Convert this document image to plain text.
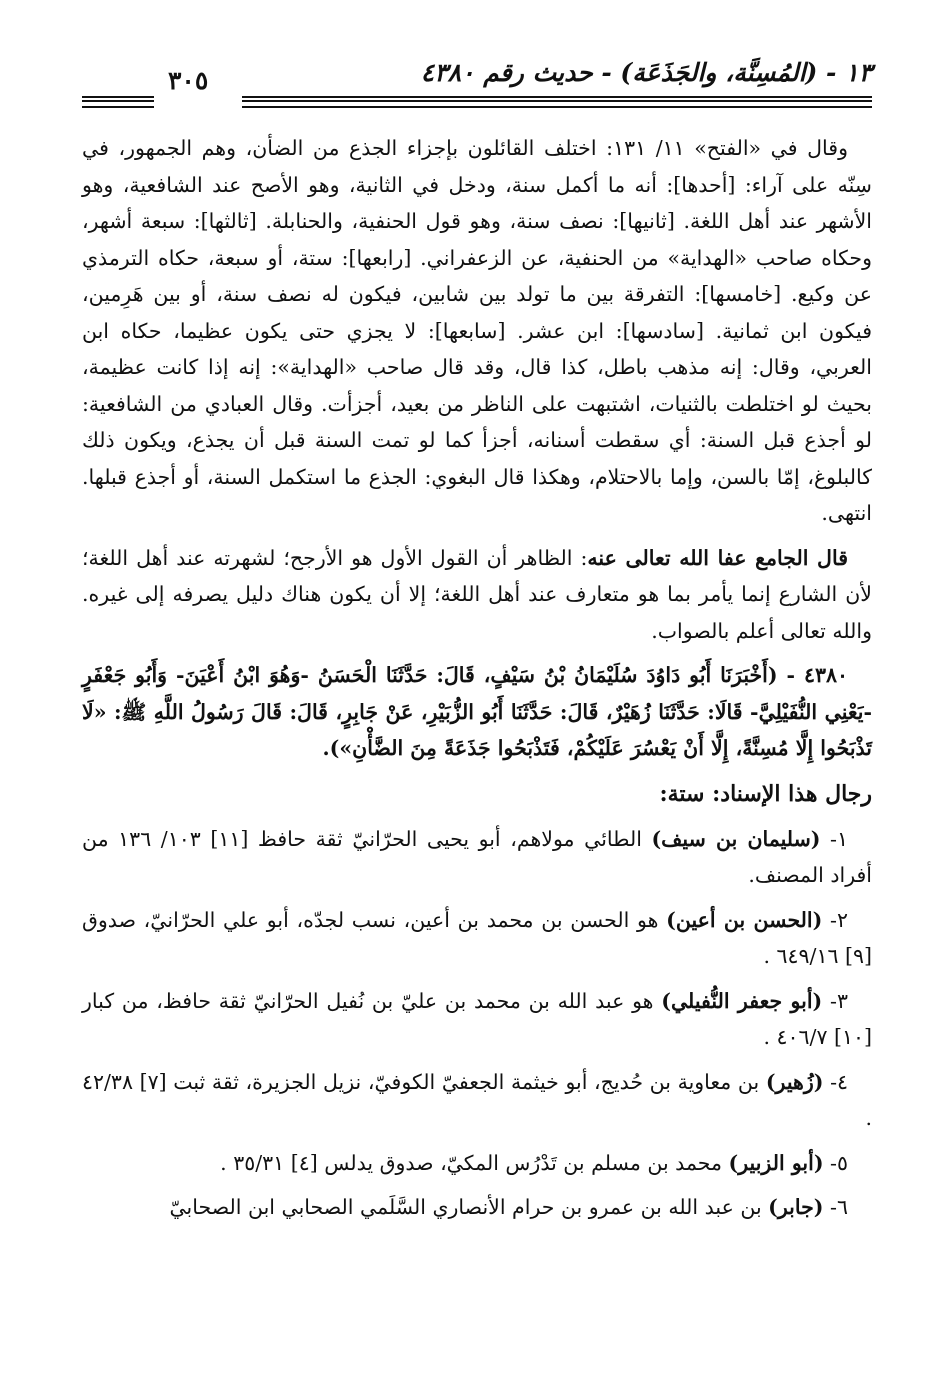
١٣ - (المُسِنَّة، والجَذَعَة) - حديث رقم ٤٣٨٠
٣٠٥

وقال في «الفتح» ١١/ ١٣١: اختلف القائلون بإجزاء الجذع من الضأن، وهم الجمهور، في سِنّه على آراء: [أحدها]: أنه ما أكمل سنة، ودخل في الثانية، وهو الأصح عند الشافعية، وهو الأشهر عند أهل اللغة. [ثانيها]: نصف سنة، وهو قول الحنفية، والحنابلة. [ثالثها]: سبعة أشهر، وحكاه صاحب «الهداية» من الحنفية، عن الزعفراني. [رابعها]: ستة، أو سبعة، حكاه الترمذي عن وكيع. [خامسها]: التفرقة بين ما تولد بين شابين، فيكون له نصف سنة، أو بين هَرِمين، فيكون ابن ثمانية. [سادسها]: ابن عشر. [سابعها]: لا يجزي حتى يكون عظيما، حكاه ابن العربي، وقال: إنه مذهب باطل، كذا قال، وقد قال صاحب «الهداية»: إنه إذا كانت عظيمة، بحيث لو اختلطت بالثنيات، اشتبهت على الناظر من بعيد، أجزأت. وقال العبادي من الشافعية: لو أجذع قبل السنة: أي سقطت أسنانه، أجزأ كما لو تمت السنة قبل أن يجذع، ويكون ذلك كالبلوغ، إمّا بالسن، وإما بالاحتلام، وهكذا قال البغوي: الجذع ما استكمل السنة، أو أجذع قبلها. انتهى.

قال الجامع عفا الله تعالى عنه: الظاهر أن القول الأول هو الأرجح؛ لشهرته عند أهل اللغة؛ لأن الشارع إنما يأمر بما هو متعارف عند أهل اللغة؛ إلا أن يكون هناك دليل يصرفه إلى غيره. والله تعالى أعلم بالصواب.

٤٣٨٠ - (أَخْبَرَنَا أَبُو دَاوُدَ سُلَيْمَانُ بْنُ سَيْفٍ، قَالَ: حَدَّثَنَا الْحَسَنُ -وَهُوَ ابْنُ أَعْيَنَ- وَأَبُو جَعْفَرٍ -يَعْنِي النُّفَيْلِيَّ- قَالَا: حَدَّثَنَا زُهَيْرٌ، قَالَ: حَدَّثَنَا أَبُو الزُّبَيْرِ، عَنْ جَابِرٍ، قَالَ: قَالَ رَسُولُ اللَّهِ ﷺ: «لَا تَذْبَحُوا إِلَّا مُسِنَّةً، إِلَّا أَنْ يَعْسُرَ عَلَيْكُمْ، فَتَذْبَحُوا جَذَعَةً مِنَ الضَّأْنِ»).

رجال هذا الإسناد: ستة:

١- (سليمان بن سيف) الطائي مولاهم، أبو يحيى الحرّانيّ ثقة حافظ [١١] ١٠٣/ ١٣٦ من أفراد المصنف.

٢- (الحسن بن أعين) هو الحسن بن محمد بن أعين، نسب لجدّه، أبو علي الحرّانيّ، صدوق [٩] ٦٤٩/١٦ .

٣- (أبو جعفر النُّفيلي) هو عبد الله بن محمد بن عليّ بن نُفيل الحرّانيّ ثقة حافظ، من كبار [١٠] ٤٠٦/٧ .

٤- (زُهير) بن معاوية بن حُديج، أبو خيثمة الجعفيّ الكوفيّ، نزيل الجزيرة، ثقة ثبت [٧] ٤٢/٣٨ .

٥- (أبو الزبير) محمد بن مسلم بن تَدْرُس المكيّ، صدوق يدلس [٤] ٣٥/٣١ .

٦- (جابر) بن عبد الله بن عمرو بن حرام الأنصاري السَّلَمي الصحابي ابن الصحابيّ
